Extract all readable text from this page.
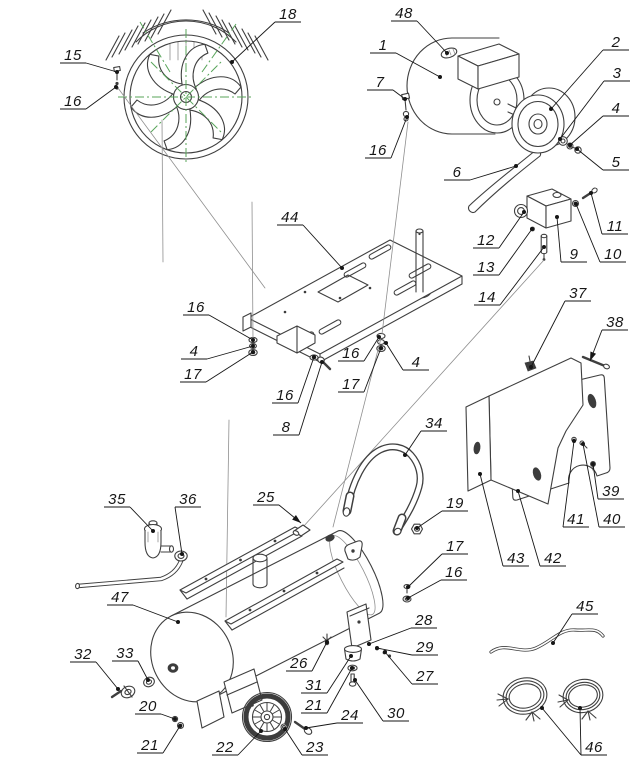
18	48
1
15
16
7
16
2
3
4
5
6
12
13
14
9 10
11
44
16
4
17
16
17
4
16
8
37
38
34
25	19
35	36
17
16
39
40
41
42
43
47
32 33
20
21	22	23
24
26
31
21
28
29
27
30
45
46
